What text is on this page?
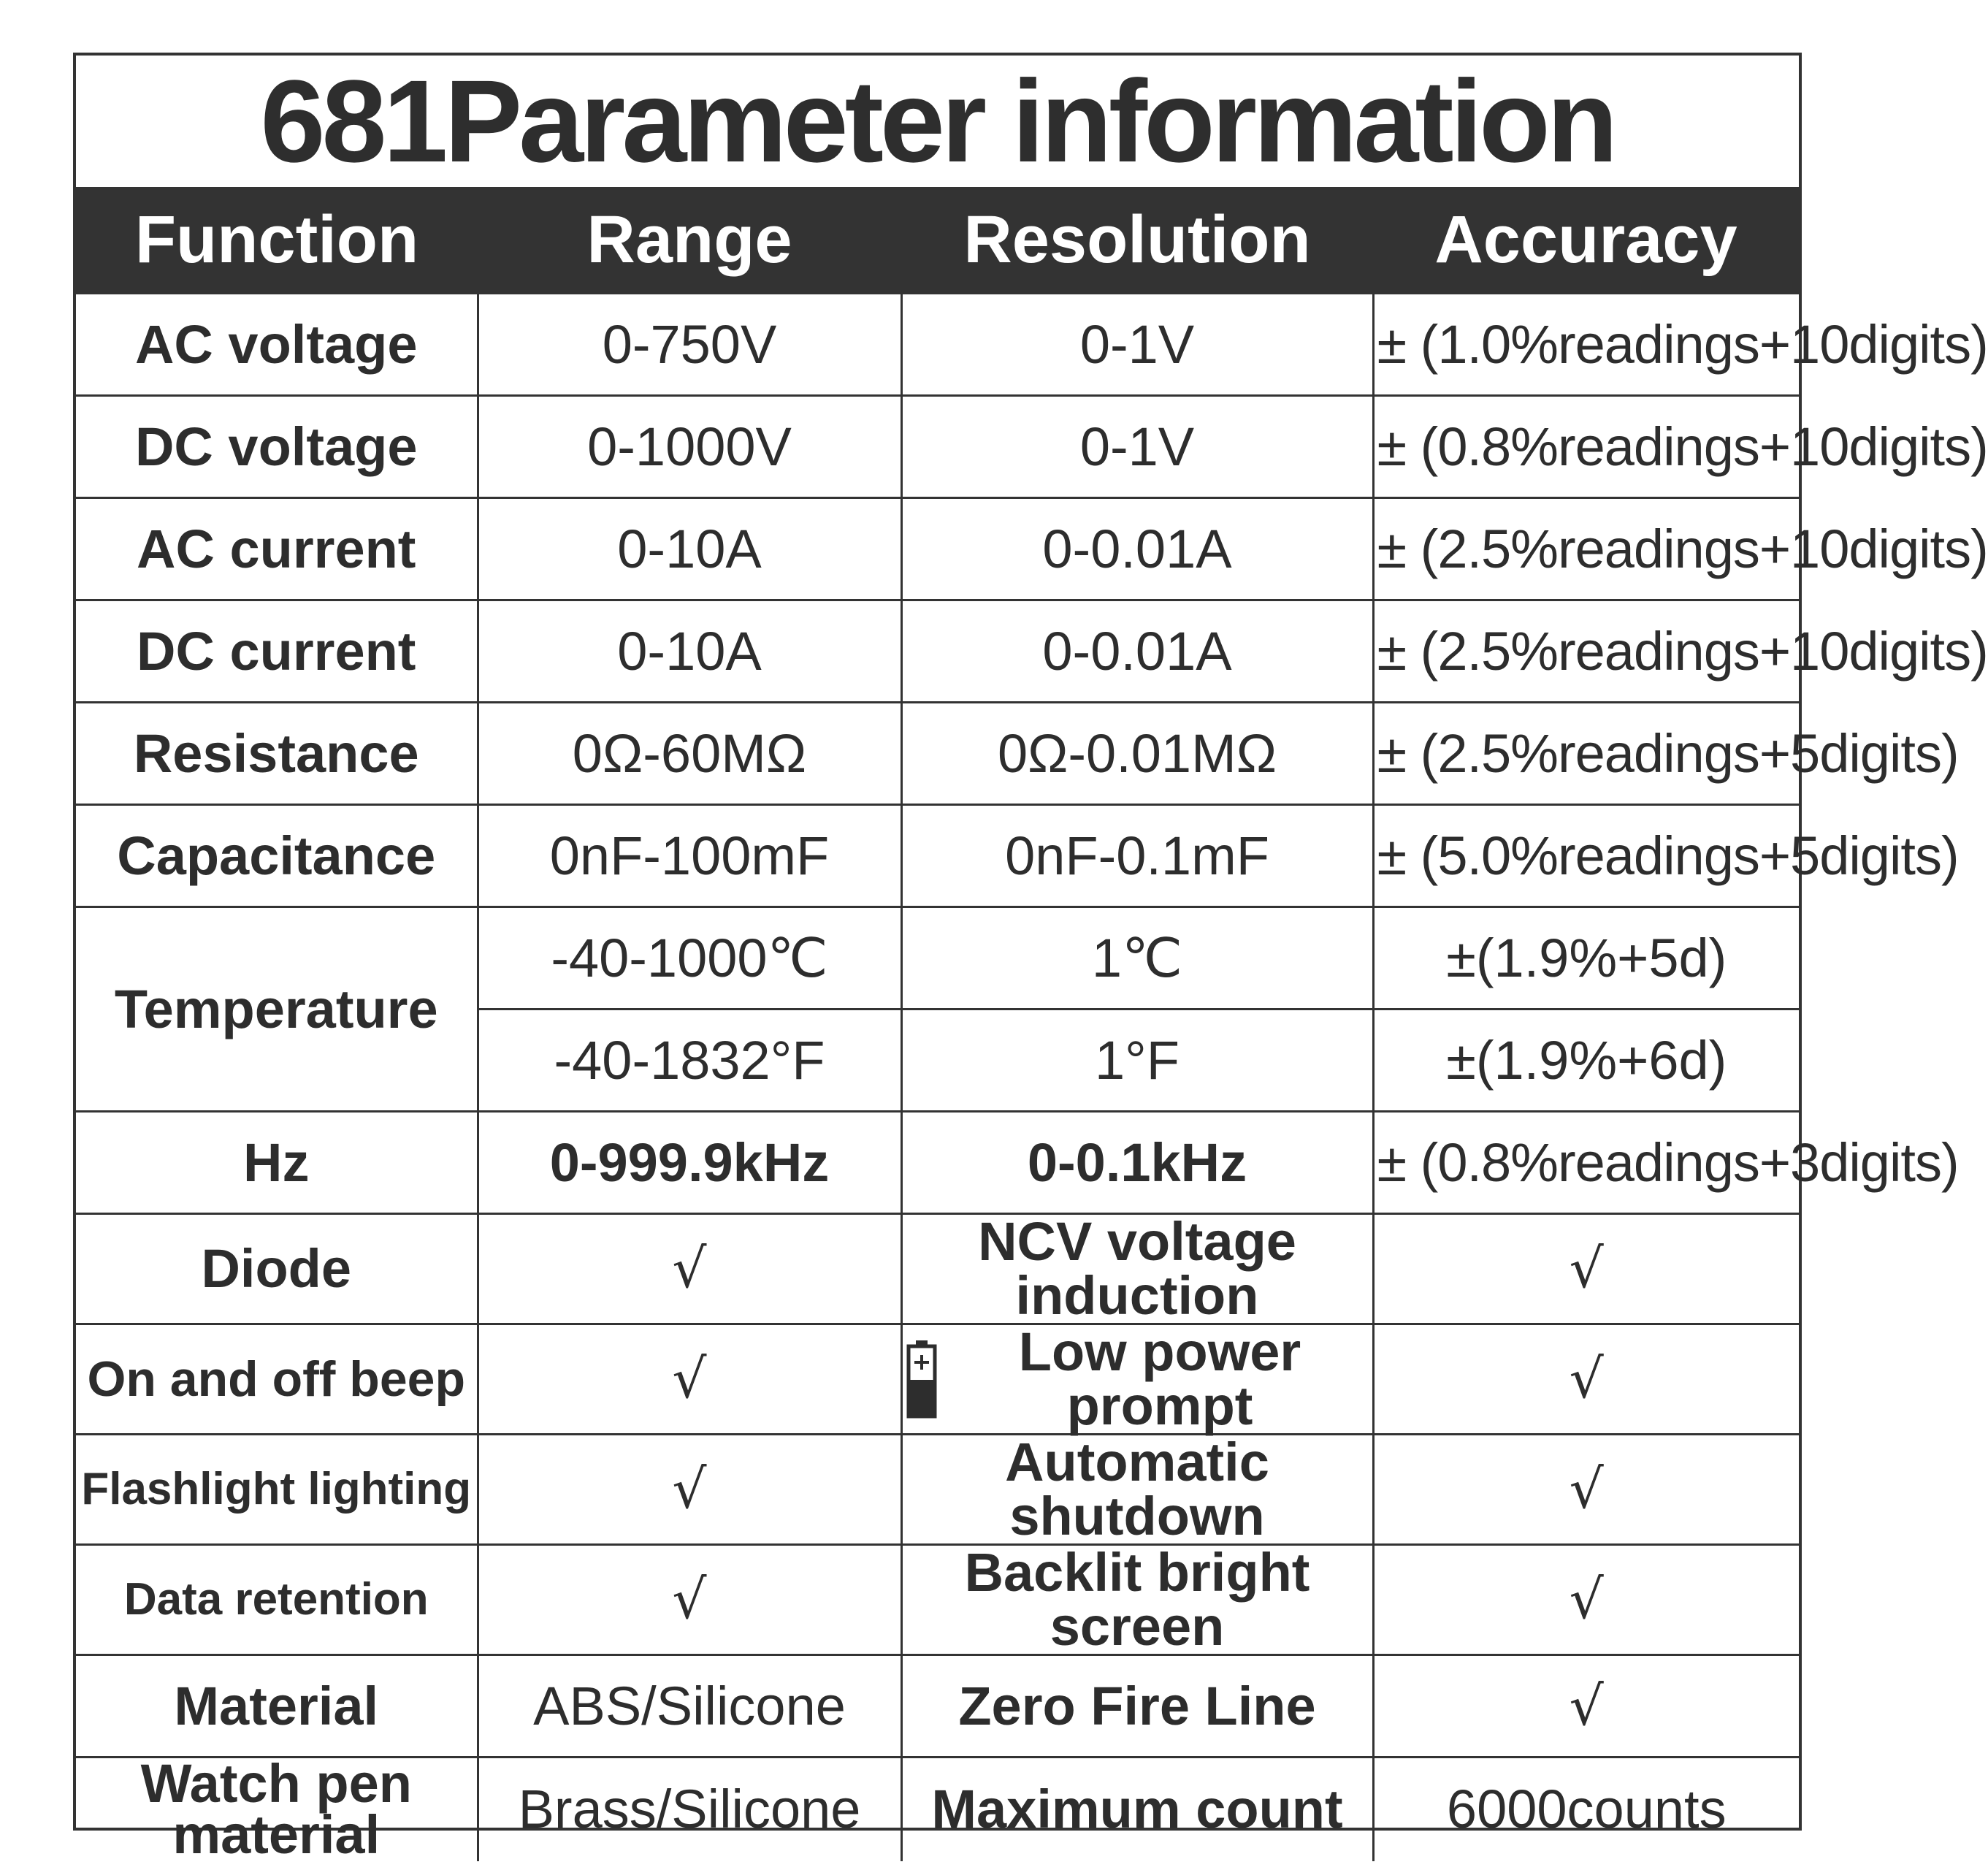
681Parameter information
Function	Range	Resolution	Accuracy
AC voltage	0-750V	0-1V	± (1.0%readings+10digits)
DC voltage	0-1000V	0-1V	± (0.8%readings+10digits)
AC current	0-10A	0-0.01A	± (2.5%readings+10digits)
DC current	0-10A	0-0.01A	± (2.5%readings+10digits)
Resistance	0Ω-60MΩ	0Ω-0.01MΩ	± (2.5%readings+5digits)
Capacitance	0nF-100mF	0nF-0.1mF	± (5.0%readings+5digits)
Temperature	-40-1000℃	1℃	±(1.9%+5d)
	-40-1832°F	1°F	±(1.9%+6d)
Hz	0-999.9kHz	0-0.1kHz	± (0.8%readings+3digits)
Diode	√	NCV voltage induction	√
On and off beep	√	Low power prompt	√
Flashlight lighting	√	Automatic shutdown	√
Data retention	√	Backlit bright screen	√
Material	ABS/Silicone	Zero Fire Line	√
Watch pen material	Brass/Silicone	Maximum count	6000counts
